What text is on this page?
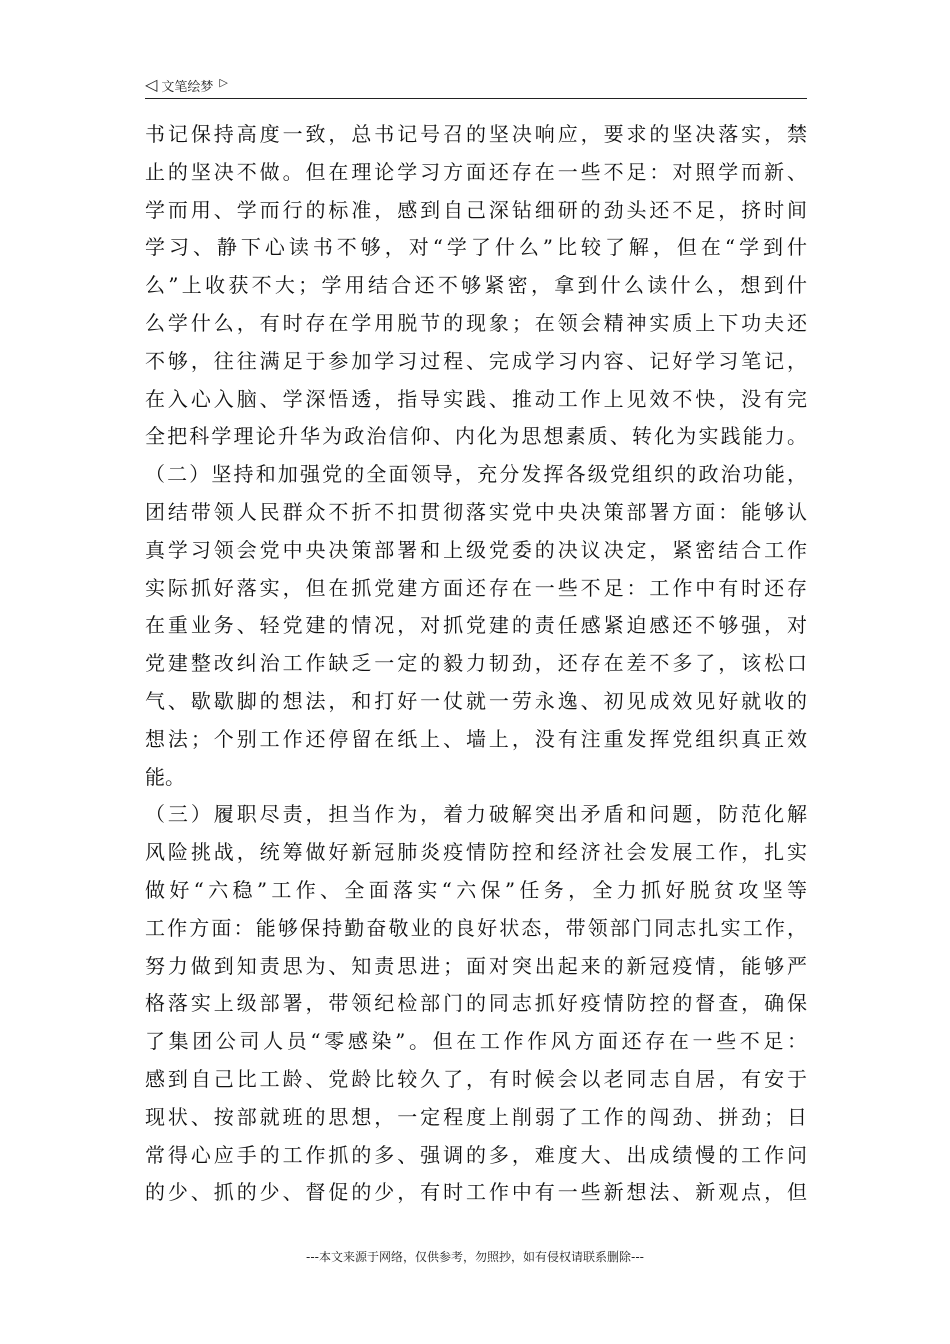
◁ 文笔绘梦 ▷
书记保持高度一致，总书记号召的坚决响应，要求的坚决落实，禁
止的坚决不做。但在理论学习方面还存在一些不足：对照学而新、
学而用、学而行的标准，感到自己深钻细研的劲头还不足，挤时间
学习、静下心读书不够，对“学了什么”比较了解，但在“学到什
么”上收获不大；学用结合还不够紧密，拿到什么读什么，想到什
么学什么，有时存在学用脱节的现象；在领会精神实质上下功夫还
不够，往往满足于参加学习过程、完成学习内容、记好学习笔记，
在入心入脑、学深悟透，指导实践、推动工作上见效不快，没有完
全把科学理论升华为政治信仰、内化为思想素质、转化为实践能力。
（二）坚持和加强党的全面领导，充分发挥各级党组织的政治功能，
团结带领人民群众不折不扣贯彻落实党中央决策部署方面：能够认
真学习领会党中央决策部署和上级党委的决议决定，紧密结合工作
实际抓好落实，但在抓党建方面还存在一些不足：工作中有时还存
在重业务、轻党建的情况，对抓党建的责任感紧迫感还不够强，对
党建整改纠治工作缺乏一定的毅力韧劲，还存在差不多了，该松口
气、歇歇脚的想法，和打好一仗就一劳永逸、初见成效见好就收的
想法；个别工作还停留在纸上、墙上，没有注重发挥党组织真正效
能。
（三）履职尽责，担当作为，着力破解突出矛盾和问题，防范化解
风险挑战，统筹做好新冠肺炎疫情防控和经济社会发展工作，扎实
做好“六稳”工作、全面落实“六保”任务，全力抓好脱贫攻坚等
工作方面：能够保持勤奋敬业的良好状态，带领部门同志扎实工作，
努力做到知责思为、知责思进；面对突出起来的新冠疫情，能够严
格落实上级部署，带领纪检部门的同志抓好疫情防控的督查，确保
了集团公司人员“零感染”。但在工作作风方面还存在一些不足：
感到自己比工龄、党龄比较久了，有时候会以老同志自居，有安于
现状、按部就班的思想，一定程度上削弱了工作的闯劲、拼劲；日
常得心应手的工作抓的多、强调的多，难度大、出成绩慢的工作问
的少、抓的少、督促的少，有时工作中有一些新想法、新观点，但
---本文来源于网络，仅供参考，勿照抄，如有侵权请联系删除---
